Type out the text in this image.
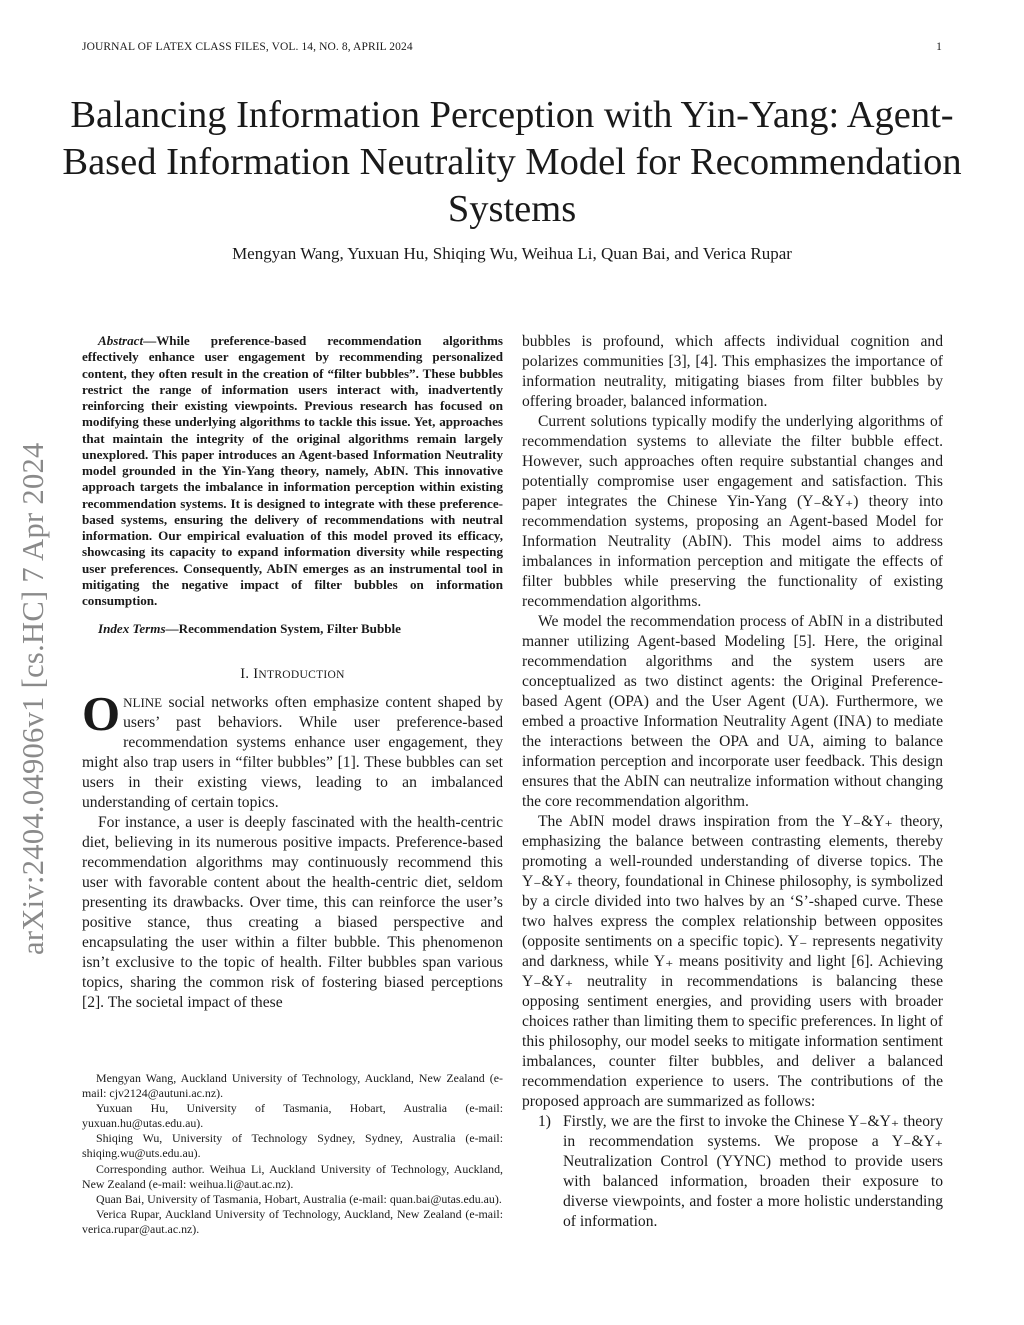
JOURNAL OF LATEX CLASS FILES, VOL. 14, NO. 8, APRIL 2024	1
arXiv:2404.04906v1 [cs.HC] 7 Apr 2024
Balancing Information Perception with Yin-Yang: Agent-Based Information Neutrality Model for Recommendation Systems
Mengyan Wang, Yuxuan Hu, Shiqing Wu, Weihua Li, Quan Bai, and Verica Rupar

Abstract—While preference-based recommendation algorithms effectively enhance user engagement by recommending personalized content, they often result in the creation of “filter bubbles”. These bubbles restrict the range of information users interact with, inadvertently reinforcing their existing viewpoints. Previous research has focused on modifying these underlying algorithms to tackle this issue. Yet, approaches that maintain the integrity of the original algorithms remain largely unexplored. This paper introduces an Agent-based Information Neutrality model grounded in the Yin-Yang theory, namely, AbIN. This innovative approach targets the imbalance in information perception within existing recommendation systems. It is designed to integrate with these preference-based systems, ensuring the delivery of recommendations with neutral information. Our empirical evaluation of this model proved its efficacy, showcasing its capacity to expand information diversity while respecting user preferences. Consequently, AbIN emerges as an instrumental tool in mitigating the negative impact of filter bubbles on information consumption.

Index Terms—Recommendation System, Filter Bubble

I. INTRODUCTION

ONLINE social networks often emphasize content shaped by users’ past behaviors. While user preference-based recommendation systems enhance user engagement, they might also trap users in “filter bubbles” [1]. These bubbles can set users in their existing views, leading to an imbalanced understanding of certain topics.

For instance, a user is deeply fascinated with the health-centric diet, believing in its numerous positive impacts. Preference-based recommendation algorithms may continuously recommend this user with favorable content about the health-centric diet, seldom presenting its drawbacks. Over time, this can reinforce the user’s positive stance, thus creating a biased perspective and encapsulating the user within a filter bubble. This phenomenon isn’t exclusive to the topic of health. Filter bubbles span various topics, sharing the common risk of fostering biased perceptions [2]. The societal impact of these

Mengyan Wang, Auckland University of Technology, Auckland, New Zealand (e-mail: cjv2124@autuni.ac.nz).

Yuxuan Hu, University of Tasmania, Hobart, Australia (e-mail: yuxuan.hu@utas.edu.au).

Shiqing Wu, University of Technology Sydney, Sydney, Australia (e-mail: shiqing.wu@uts.edu.au).

Corresponding author. Weihua Li, Auckland University of Technology, Auckland, New Zealand (e-mail: weihua.li@aut.ac.nz).

Quan Bai, University of Tasmania, Hobart, Australia (e-mail: quan.bai@utas.edu.au).

Verica Rupar, Auckland University of Technology, Auckland, New Zealand (e-mail: verica.rupar@aut.ac.nz).

bubbles is profound, which affects individual cognition and polarizes communities [3], [4]. This emphasizes the importance of information neutrality, mitigating biases from filter bubbles by offering broader, balanced information.

Current solutions typically modify the underlying algorithms of recommendation systems to alleviate the filter bubble effect. However, such approaches often require substantial changes and potentially compromise user engagement and satisfaction. This paper integrates the Chinese Yin-Yang (Y₋&Y₊) theory into recommendation systems, proposing an Agent-based Model for Information Neutrality (AbIN). This model aims to address imbalances in information perception and mitigate the effects of filter bubbles while preserving the functionality of existing recommendation algorithms.

We model the recommendation process of AbIN in a distributed manner utilizing Agent-based Modeling [5]. Here, the original recommendation algorithms and the system users are conceptualized as two distinct agents: the Original Preference-based Agent (OPA) and the User Agent (UA). Furthermore, we embed a proactive Information Neutrality Agent (INA) to mediate the interactions between the OPA and UA, aiming to balance information perception and incorporate user feedback. This design ensures that the AbIN can neutralize information without changing the core recommendation algorithm.

The AbIN model draws inspiration from the Y₋&Y₊ theory, emphasizing the balance between contrasting elements, thereby promoting a well-rounded understanding of diverse topics. The Y₋&Y₊ theory, foundational in Chinese philosophy, is symbolized by a circle divided into two halves by an ‘S’-shaped curve. These two halves express the complex relationship between opposites (opposite sentiments on a specific topic). Y₋ represents negativity and darkness, while Y₊ means positivity and light [6]. Achieving Y₋&Y₊ neutrality in recommendations is balancing these opposing sentiment energies, and providing users with broader choices rather than limiting them to specific preferences. In light of this philosophy, our model seeks to mitigate information sentiment imbalances, counter filter bubbles, and deliver a balanced recommendation experience to users. The contributions of the proposed approach are summarized as follows:

1) Firstly, we are the first to invoke the Chinese Y₋&Y₊ theory in recommendation systems. We propose a Y₋&Y₊ Neutralization Control (YYNC) method to provide users with balanced information, broaden their exposure to diverse viewpoints, and foster a more holistic understanding of information.
